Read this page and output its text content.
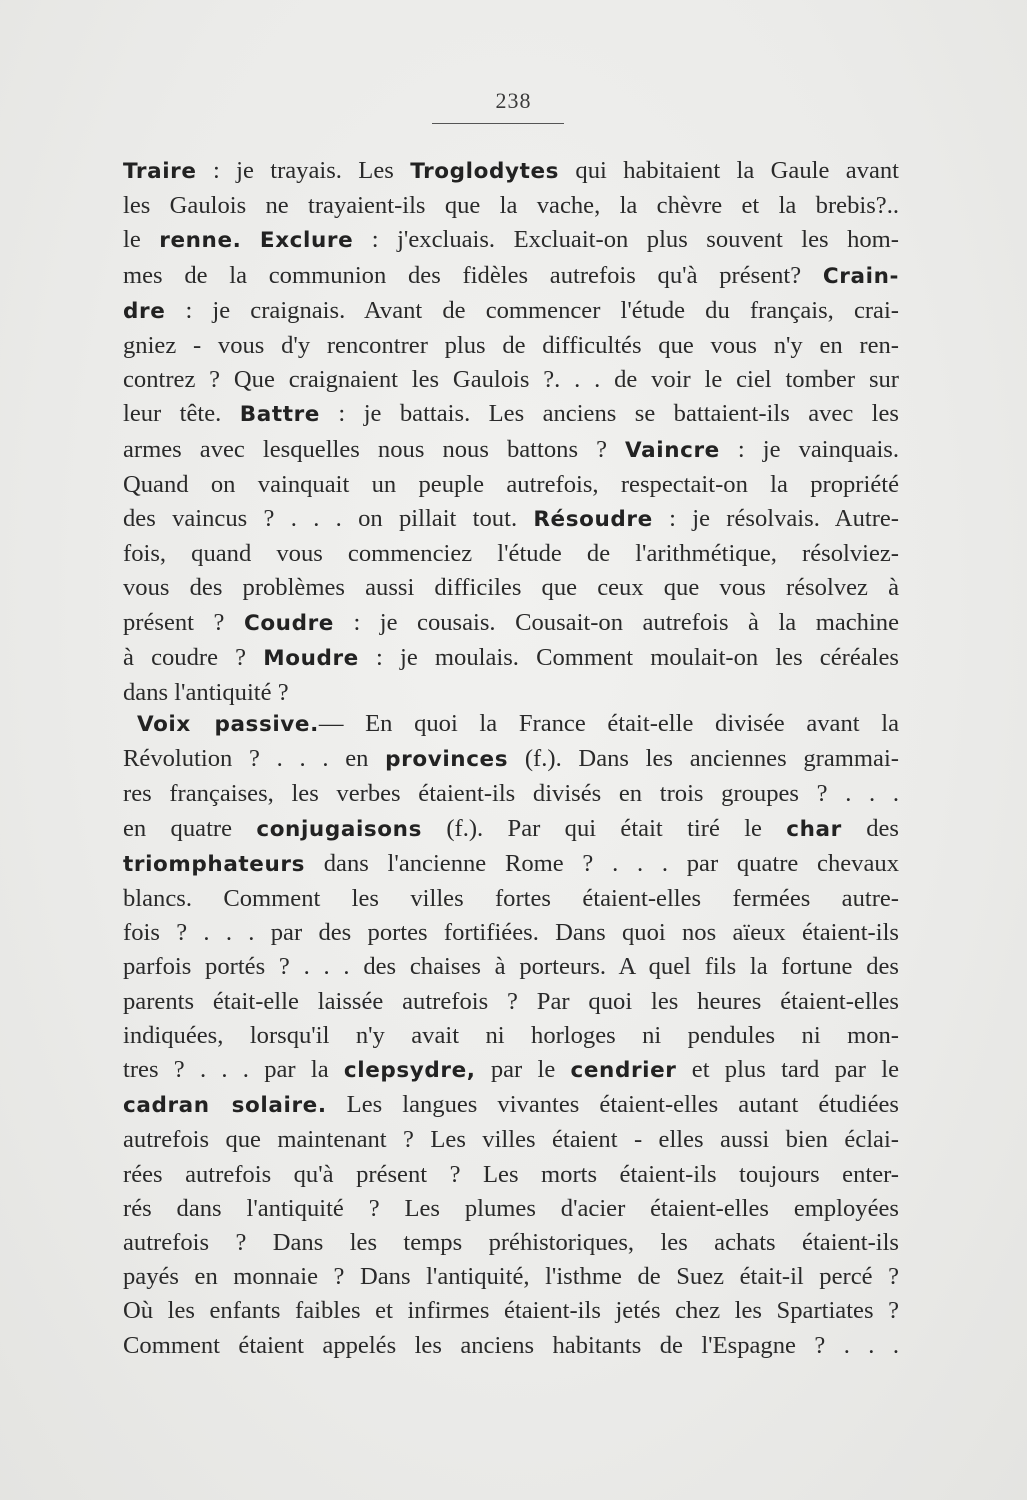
238
Traire : je trayais. Les Troglodytes qui habitaient la Gaule avant
les Gaulois ne trayaient-ils que la vache, la chèvre et la brebis?..
le renne. Exclure : j'excluais. Excluait-on plus souvent les hom-
mes de la communion des fidèles autrefois qu'à présent? Crain-
dre : je craignais. Avant de commencer l'étude du français, crai-
gniez - vous d'y rencontrer plus de difficultés que vous n'y en ren-
contrez ? Que craignaient les Gaulois ?. . . de voir le ciel tomber sur
leur tête. Battre : je battais. Les anciens se battaient-ils avec les
armes avec lesquelles nous nous battons ? Vaincre : je vainquais.
Quand on vainquait un peuple autrefois, respectait-on la propriété
des vaincus ? . . . on pillait tout. Résoudre : je résolvais. Autre-
fois, quand vous commenciez l'étude de l'arithmétique, résolviez-
vous des problèmes aussi difficiles que ceux que vous résolvez à
présent ? Coudre : je cousais. Cousait-on autrefois à la machine
à coudre ? Moudre : je moulais. Comment moulait-on les céréales
dans l'antiquité ?
Voix passive.— En quoi la France était-elle divisée avant la
Révolution ? . . . en provinces (f.). Dans les anciennes grammai-
res françaises, les verbes étaient-ils divisés en trois groupes ? . . .
en quatre conjugaisons (f.). Par qui était tiré le char des
triomphateurs dans l'ancienne Rome ? . . . par quatre chevaux
blancs. Comment les villes fortes étaient-elles fermées autre-
fois ? . . . par des portes fortifiées. Dans quoi nos aïeux étaient-ils
parfois portés ? . . . des chaises à porteurs. A quel fils la fortune des
parents était-elle laissée autrefois ? Par quoi les heures étaient-elles
indiquées, lorsqu'il n'y avait ni horloges ni pendules ni mon-
tres ? . . . par la clepsydre, par le cendrier et plus tard par le
cadran solaire. Les langues vivantes étaient-elles autant étudiées
autrefois que maintenant ? Les villes étaient - elles aussi bien éclai-
rées autrefois qu'à présent ? Les morts étaient-ils toujours enter-
rés dans l'antiquité ? Les plumes d'acier étaient-elles employées
autrefois ? Dans les temps préhistoriques, les achats étaient-ils
payés en monnaie ? Dans l'antiquité, l'isthme de Suez était-il percé ?
Où les enfants faibles et infirmes étaient-ils jetés chez les Spartiates ?
Comment étaient appelés les anciens habitants de l'Espagne ? . . .
